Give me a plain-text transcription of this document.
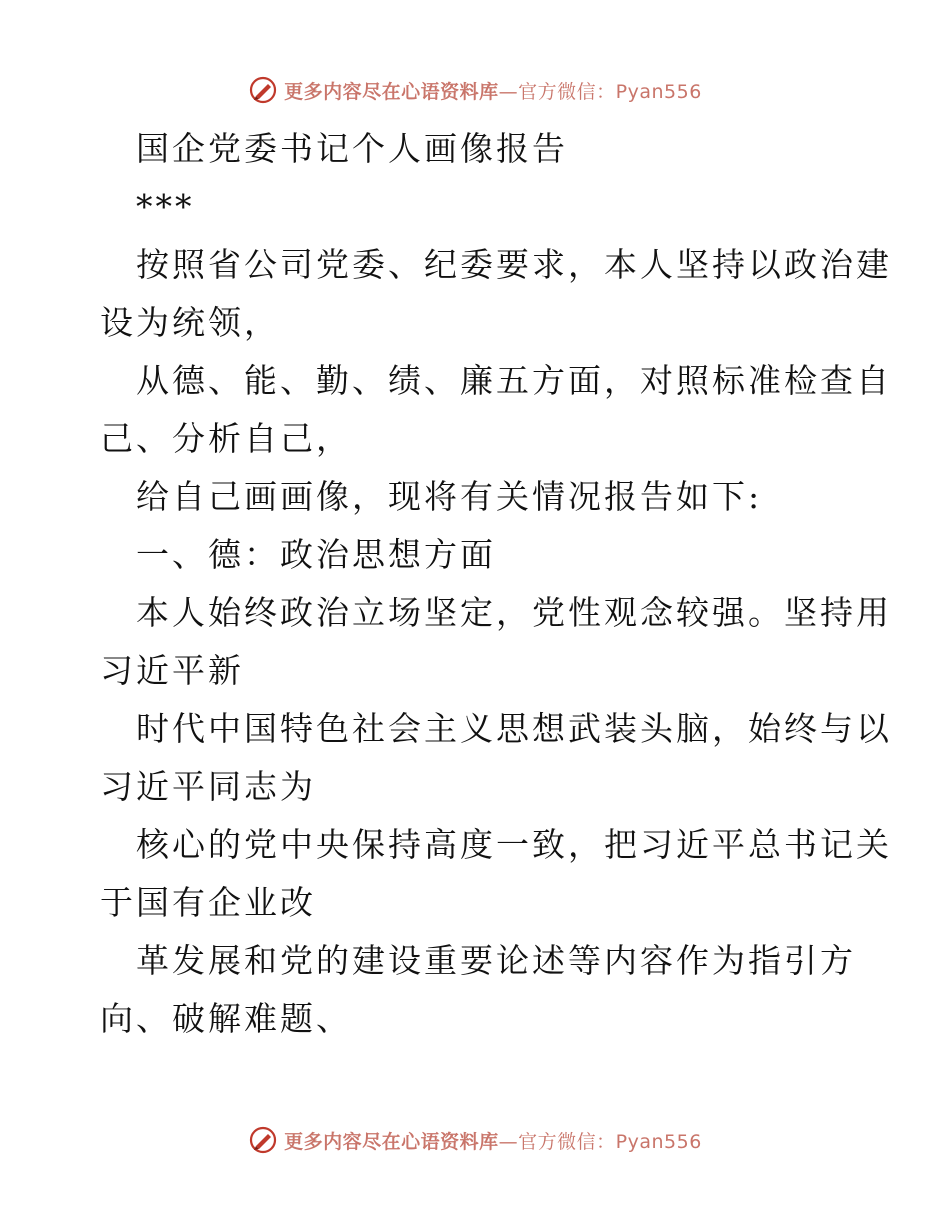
更多内容尽在心语资料库—官方微信：Pyan556
国企党委书记个人画像报告
***
按照省公司党委、纪委要求，本人坚持以政治建
设为统领，
从德、能、勤、绩、廉五方面，对照标准检查自
己、分析自己，
给自己画画像，现将有关情况报告如下:
一、德：政治思想方面
本人始终政治立场坚定，党性观念较强。坚持用
习近平新
时代中国特色社会主义思想武装头脑，始终与以
习近平同志为
核心的党中央保持高度一致，把习近平总书记关
于国有企业改
革发展和党的建设重要论述等内容作为指引方
向、破解难题、
更多内容尽在心语资料库—官方微信：Pyan556
